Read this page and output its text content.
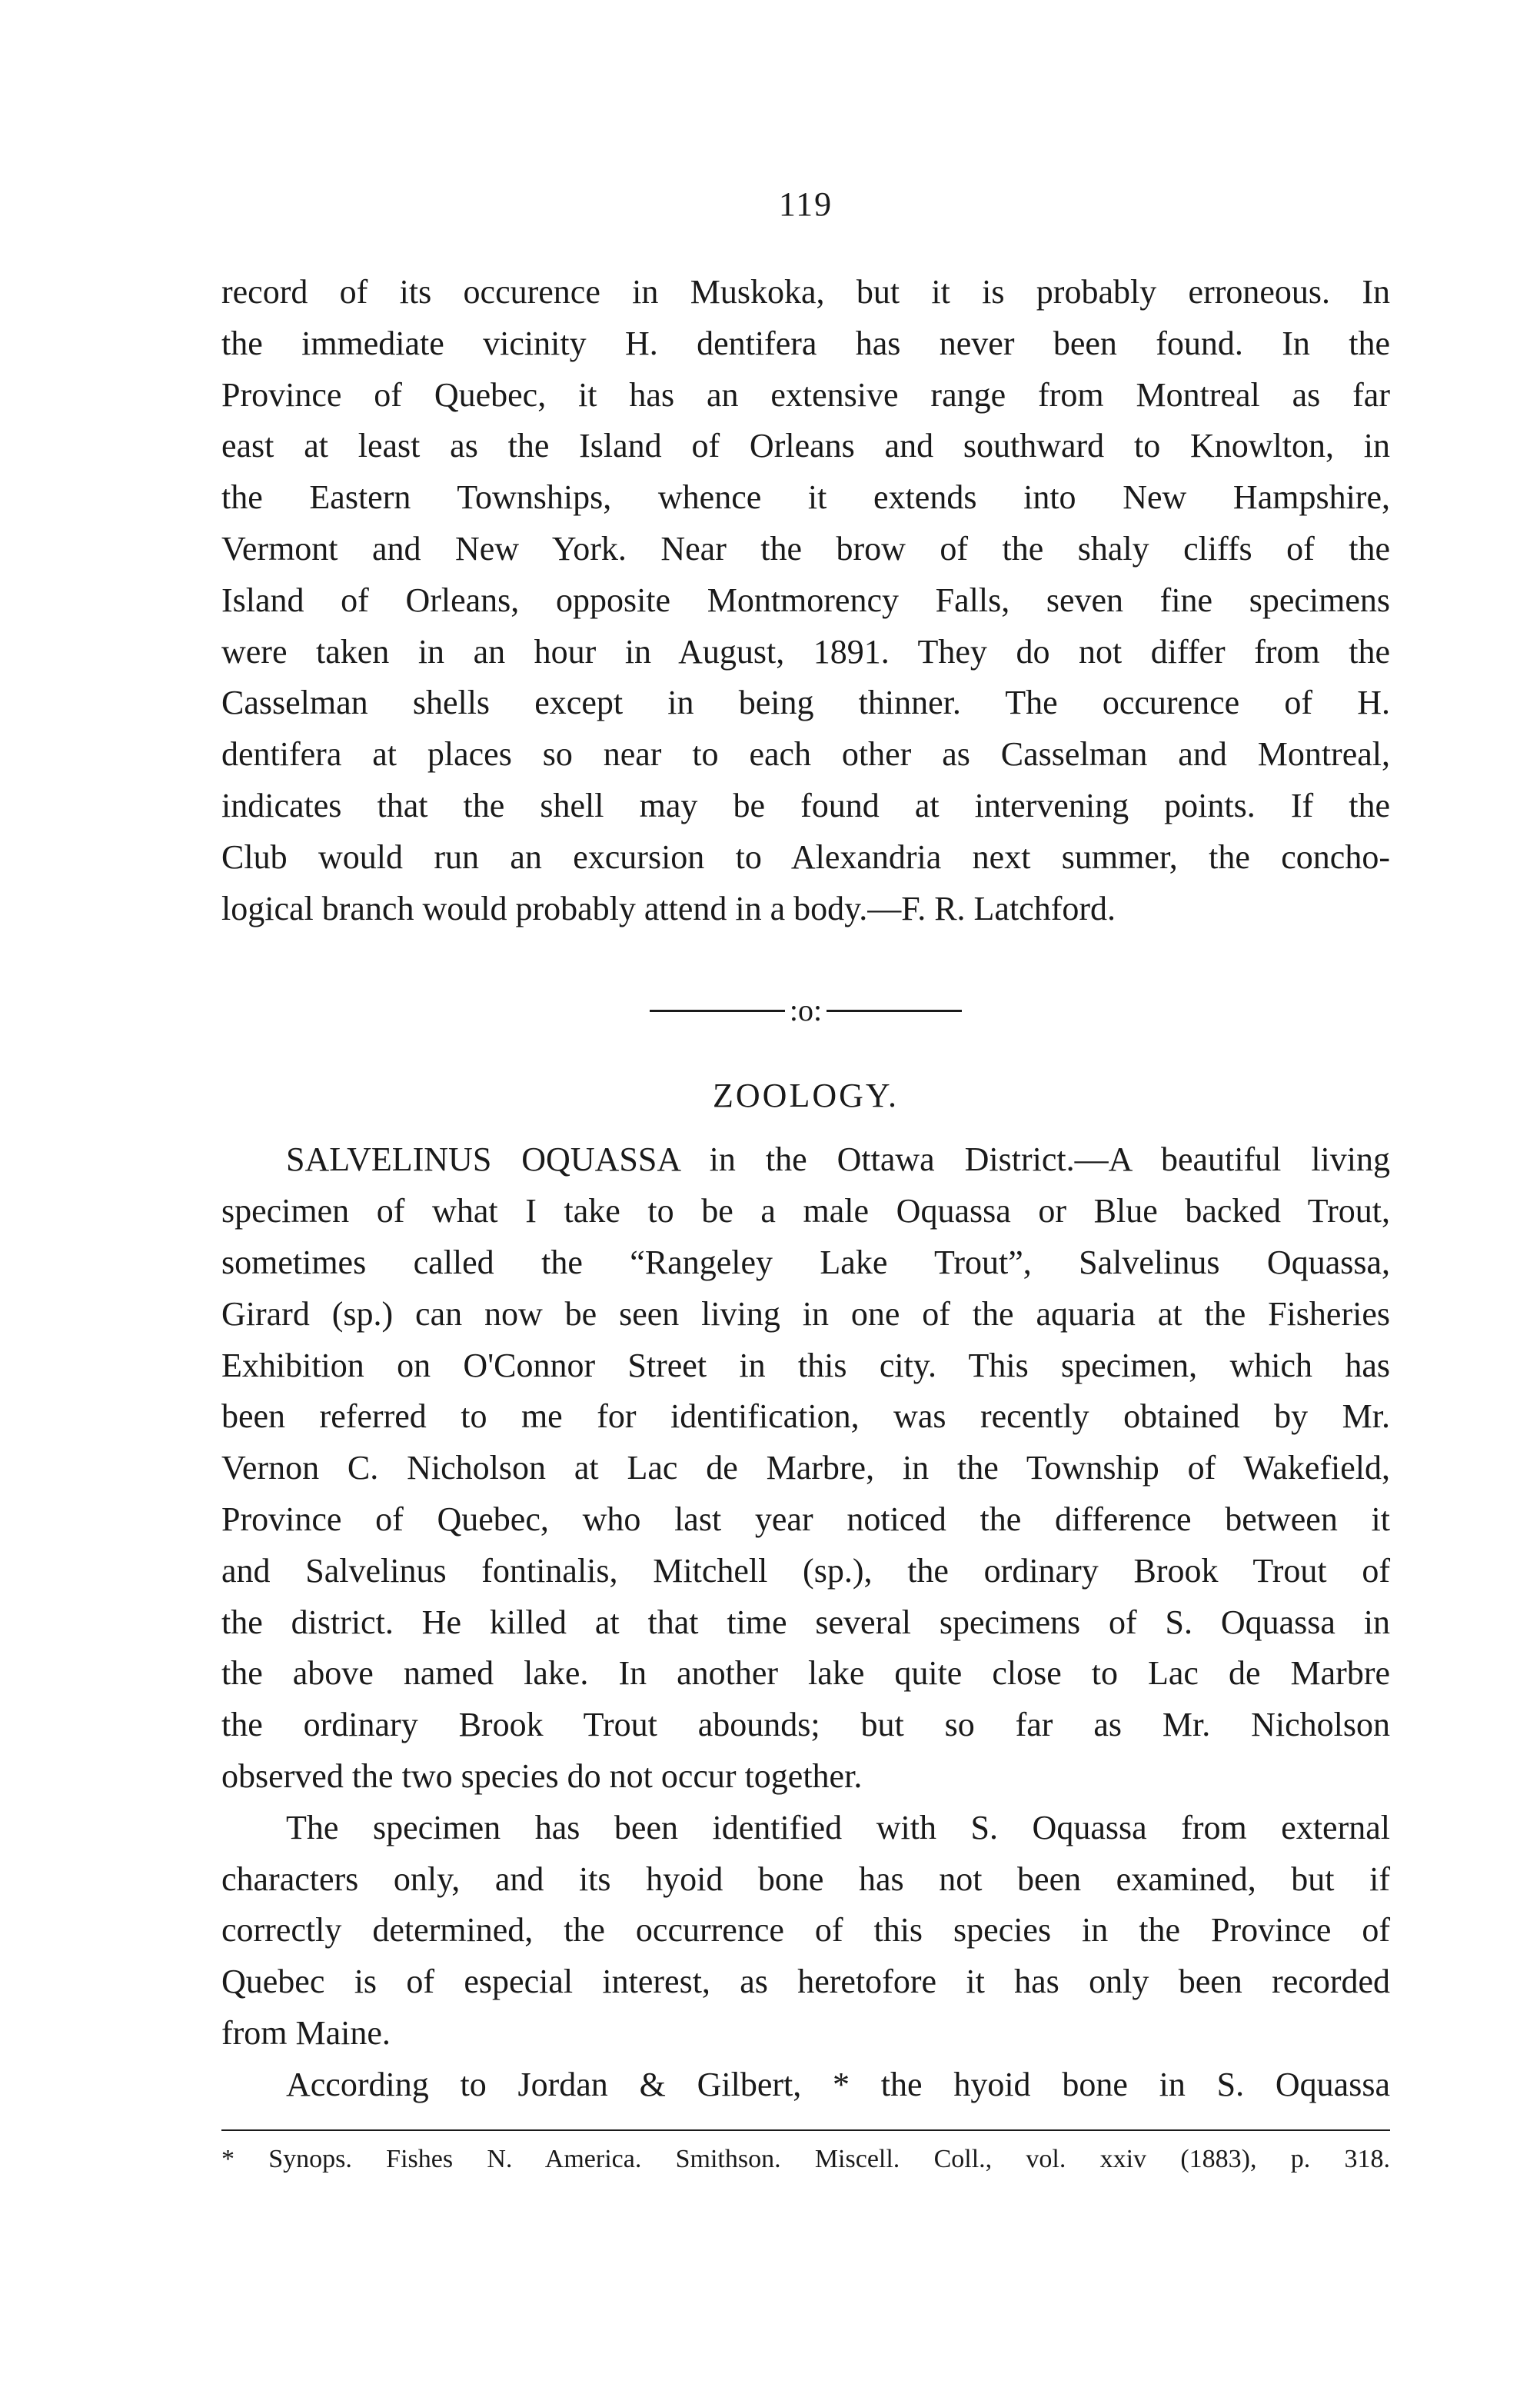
119
record of its occurence in Muskoka, but it is probably erroneous. In
the immediate vicinity H. dentifera has never been found. In the
Province of Quebec, it has an extensive range from Montreal as far
east at least as the Island of Orleans and southward to Knowlton, in
the Eastern Townships, whence it extends into New Hampshire,
Vermont and New York. Near the brow of the shaly cliffs of the
Island of Orleans, opposite Montmorency Falls, seven fine specimens
were taken in an hour in August, 1891. They do not differ from the
Casselman shells except in being thinner. The occurence of H.
dentifera at places so near to each other as Casselman and Montreal,
indicates that the shell may be found at intervening points. If the
Club would run an excursion to Alexandria next summer, the concho-
logical branch would probably attend in a body.—F. R. Latchford.
:o:
ZOOLOGY.
SALVELINUS OQUASSA in the Ottawa District.—A beautiful living
specimen of what I take to be a male Oquassa or Blue backed Trout,
sometimes called the “Rangeley Lake Trout”, Salvelinus Oquassa,
Girard (sp.) can now be seen living in one of the aquaria at the Fisheries
Exhibition on O'Connor Street in this city. This specimen, which has
been referred to me for identification, was recently obtained by Mr.
Vernon C. Nicholson at Lac de Marbre, in the Township of Wakefield,
Province of Quebec, who last year noticed the difference between it
and Salvelinus fontinalis, Mitchell (sp.), the ordinary Brook Trout of
the district. He killed at that time several specimens of S. Oquassa in
the above named lake. In another lake quite close to Lac de Marbre
the ordinary Brook Trout abounds; but so far as Mr. Nicholson
observed the two species do not occur together.
The specimen has been identified with S. Oquassa from external
characters only, and its hyoid bone has not been examined, but if
correctly determined, the occurrence of this species in the Province of
Quebec is of especial interest, as heretofore it has only been recorded
from Maine.
According to Jordan & Gilbert, * the hyoid bone in S. Oquassa
* Synops. Fishes N. America. Smithson. Miscell. Coll., vol. xxiv (1883), p. 318.
